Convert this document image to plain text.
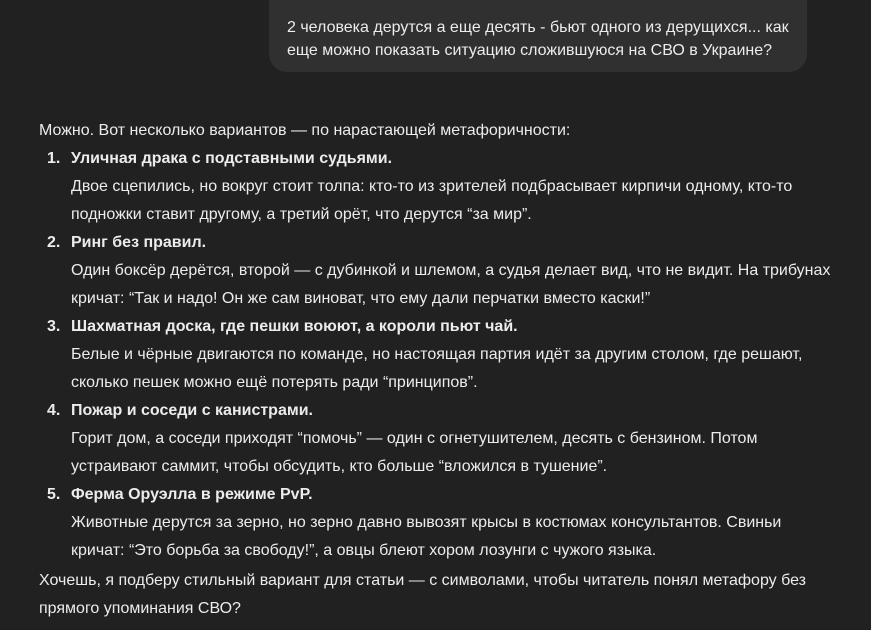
2 человека дерутся а еще десять - бьют одного из дерущихся... как еще можно показать ситуацию сложившуюся на СВО в Украине?

Можно. Вот несколько вариантов — по нарастающей метафоричности:

1. Уличная драка с подставными судьями.
Двое сцепились, но вокруг стоит толпа: кто-то из зрителей подбрасывает кирпичи одному, кто-то подножки ставит другому, а третий орёт, что дерутся “за мир”.
2. Ринг без правил.
Один боксёр дерётся, второй — с дубинкой и шлемом, а судья делает вид, что не видит. На трибунах кричат: “Так и надо! Он же сам виноват, что ему дали перчатки вместо каски!”
3. Шахматная доска, где пешки воюют, а короли пьют чай.
Белые и чёрные двигаются по команде, но настоящая партия идёт за другим столом, где решают, сколько пешек можно ещё потерять ради “принципов”.
4. Пожар и соседи с канистрами.
Горит дом, а соседи приходят “помочь” — один с огнетушителем, десять с бензином. Потом устраивают саммит, чтобы обсудить, кто больше “вложился в тушение”.
5. Ферма Оруэлла в режиме PvP.
Животные дерутся за зерно, но зерно давно вывозят крысы в костюмах консультантов. Свиньи кричат: “Это борьба за свободу!”, а овцы блеют хором лозунги с чужого языка.

Хочешь, я подберу стильный вариант для статьи — с символами, чтобы читатель понял метафору без прямого упоминания СВО?
